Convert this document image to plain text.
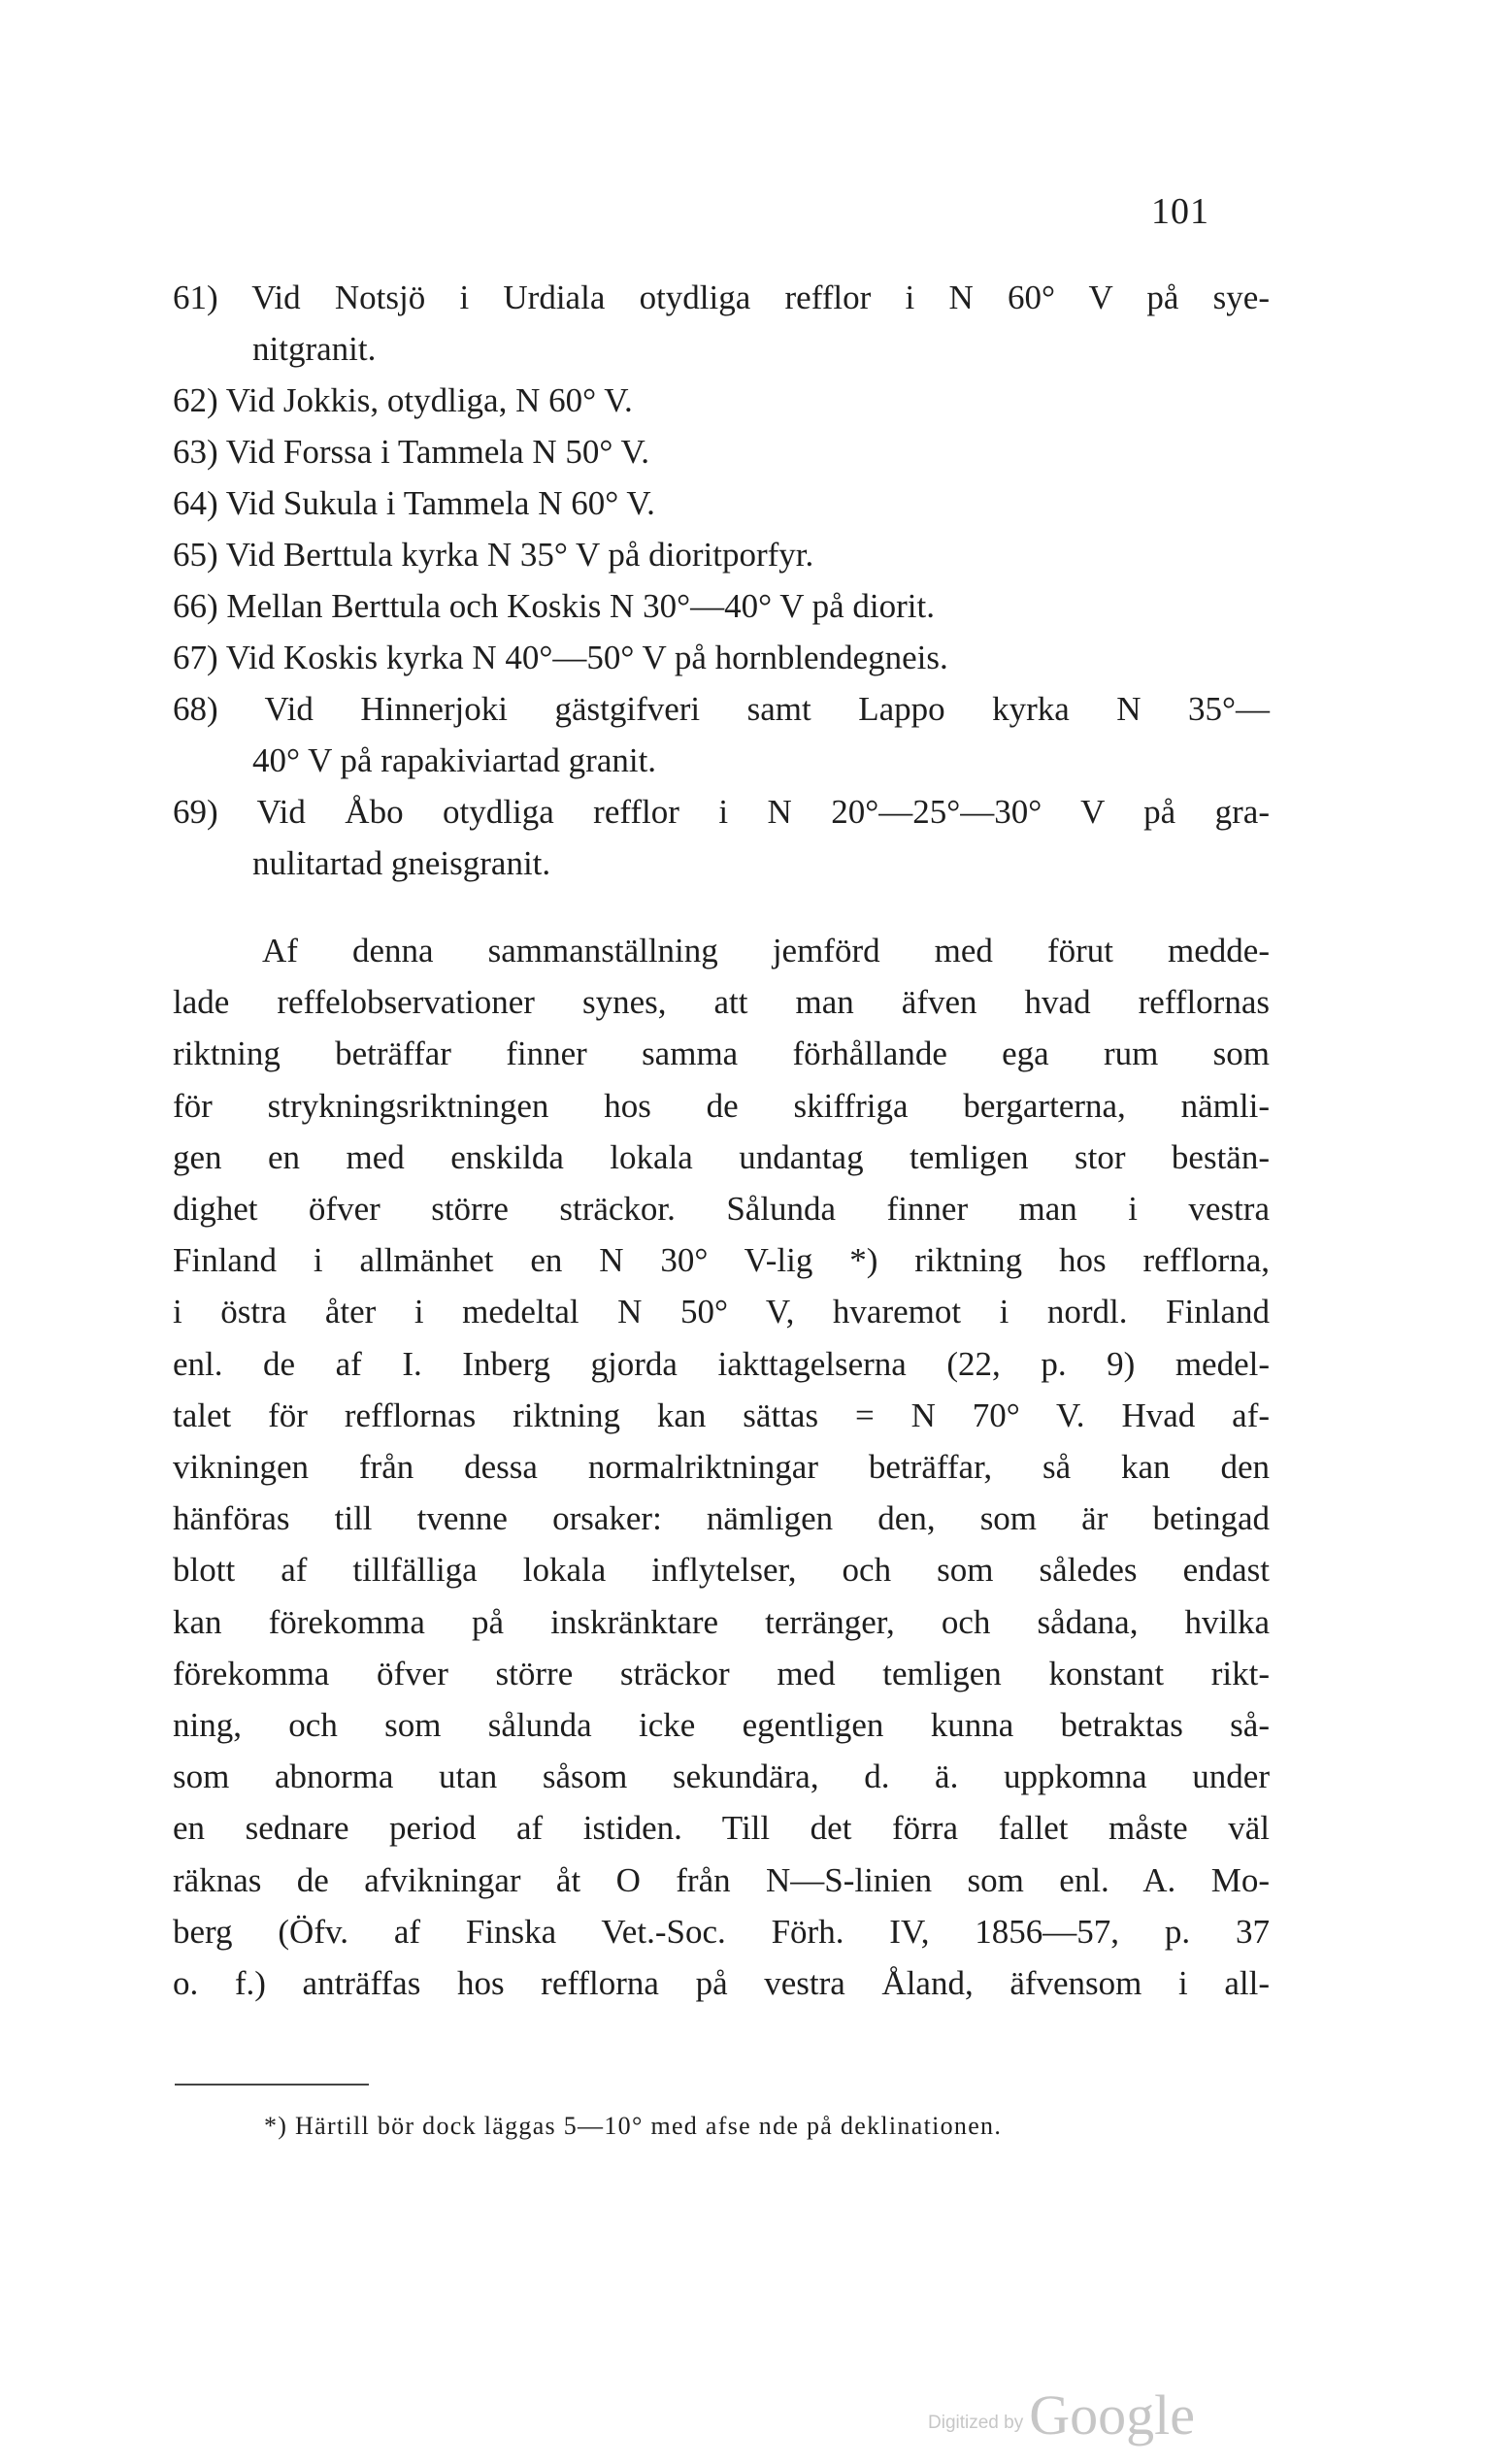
101
61) Vid Notsjö i Urdiala otydliga refflor i N 60° V på sye-
nitgranit.
62) Vid Jokkis, otydliga, N 60° V.
63) Vid Forssa i Tammela N 50° V.
64) Vid Sukula i Tammela N 60° V.
65) Vid Berttula kyrka N 35° V på dioritporfyr.
66) Mellan Berttula och Koskis N 30°—40° V på diorit.
67) Vid Koskis kyrka N 40°—50° V på hornblendegneis.
68) Vid Hinnerjoki gästgifveri samt Lappo kyrka N 35°—
40° V på rapakiviartad granit.
69) Vid Åbo otydliga refflor i N 20°—25°—30° V på gra-
nulitartad gneisgranit.
Af denna sammanställning jemförd med förut medde-
lade reffelobservationer synes, att man äfven hvad refflornas
riktning beträffar finner samma förhållande ega rum som
för strykningsriktningen hos de skiffriga bergarterna, nämli-
gen en med enskilda lokala undantag temligen stor bestän-
dighet öfver större sträckor. Sålunda finner man i vestra
Finland i allmänhet en N 30° V-lig *) riktning hos refflorna,
i östra åter i medeltal N 50° V, hvaremot i nordl. Finland
enl. de af I. Inberg gjorda iakttagelserna (22, p. 9) medel-
talet för refflornas riktning kan sättas = N 70° V. Hvad af-
vikningen från dessa normalriktningar beträffar, så kan den
hänföras till tvenne orsaker: nämligen den, som är betingad
blott af tillfälliga lokala inflytelser, och som således endast
kan förekomma på inskränktare terränger, och sådana, hvilka
förekomma öfver större sträckor med temligen konstant rikt-
ning, och som sålunda icke egentligen kunna betraktas så-
som abnorma utan såsom sekundära, d. ä. uppkomna under
en sednare period af istiden. Till det förra fallet måste väl
räknas de afvikningar åt O från N—S-linien som enl. A. Mo-
berg (Öfv. af Finska Vet.-Soc. Förh. IV, 1856—57, p. 37
o. f.) anträffas hos refflorna på vestra Åland, äfvensom i all-
*) Härtill bör dock läggas 5—10° med afse nde på deklinationen.
Digitized by Google
